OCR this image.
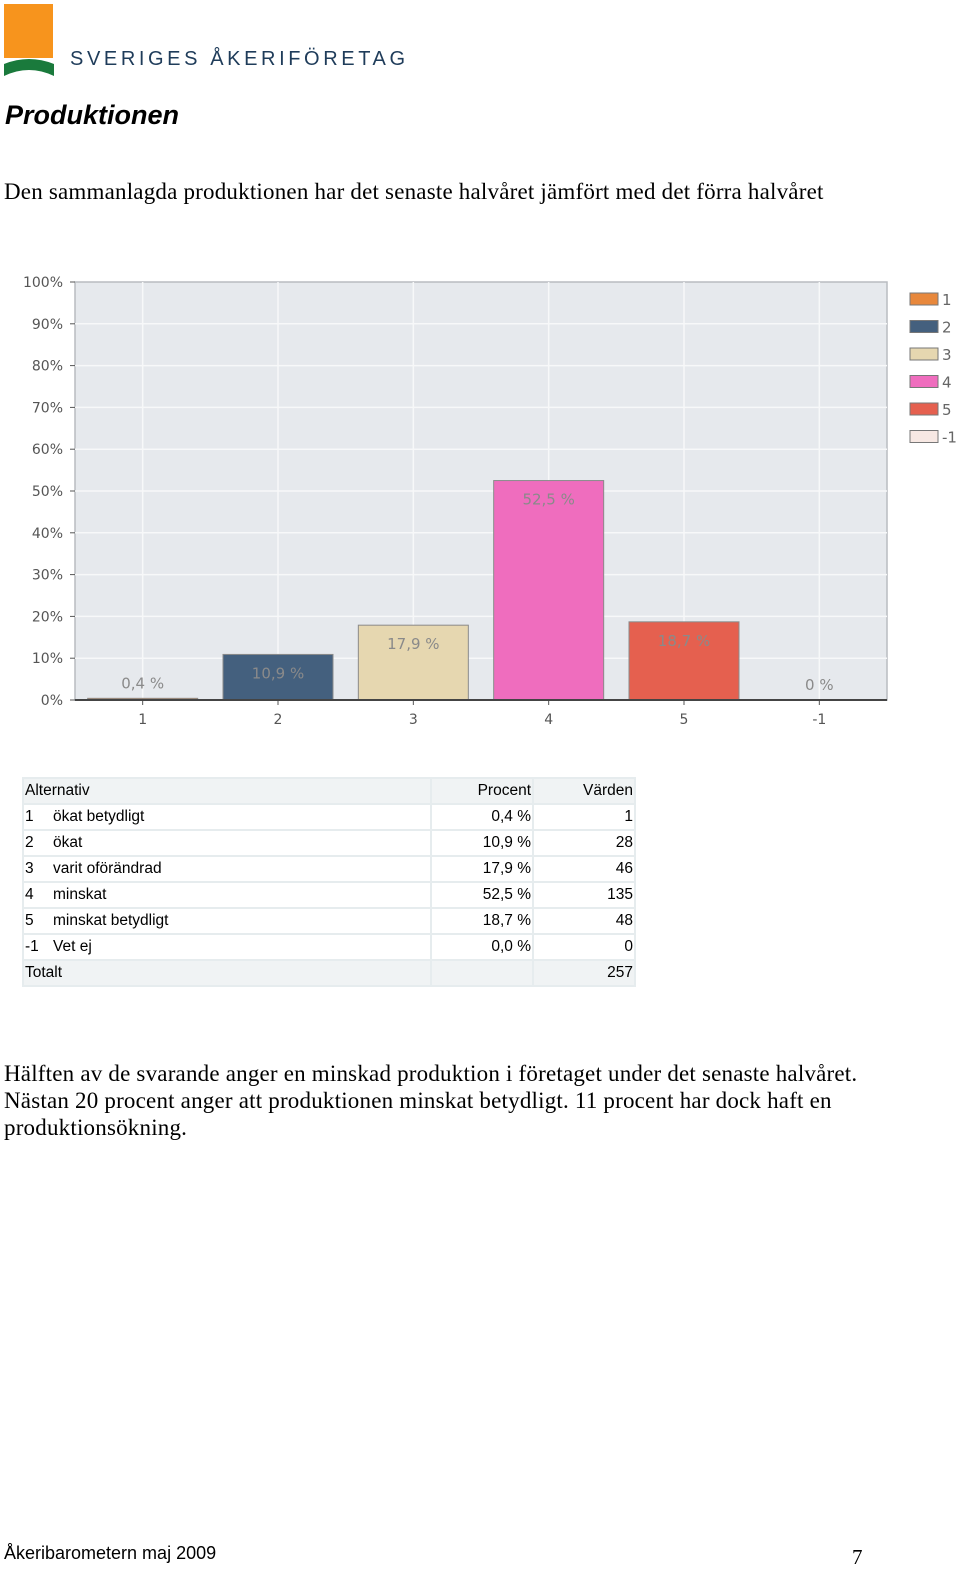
SVERIGES ÅKERIFÖRETAG
Produktionen

Den sammanlagda produktionen har det senaste halvåret jämfört med det förra halvåret

0%
10%
20%
30%
40%
50%
60%
70%
80%
90%
100%
0,4 %
1
10,9 %
2
17,9 %
3
52,5 %
4
18,7 %
5
0 %
-1
1
2
3
4
5
-1
Alternativ	Procent	Värden
1 ökat betydligt	0,4 %	1
2 ökat	10,9 %	28
3 varit oförändrad	17,9 %	46
4 minskat	52,5 %	135
5 minskat betydligt	18,7 %	48
-1 Vet ej	0,0 %	0
Totalt		257

Hälften av de svarande anger en minskad produktion i företaget under det senaste halvåret. Nästan 20 procent anger att produktionen minskat betydligt. 11 procent har dock haft en produktionsökning.

Åkeribarometern maj 2009	7
